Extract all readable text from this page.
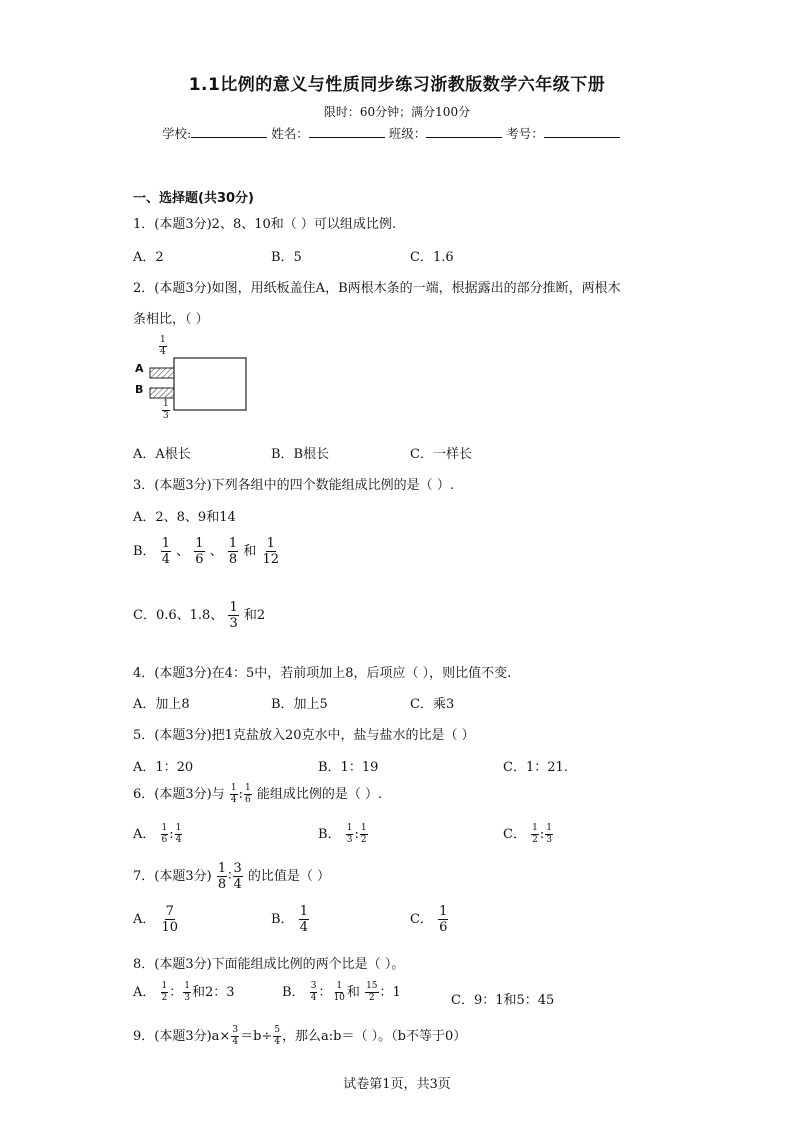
1.1比例的意义与性质同步练习浙教版数学六年级下册
限时：60分钟；满分100分
学校:	姓名：	班级：	考号：
一、选择题(共30分)
1．(本题3分)2、8、10和（ ）可以组成比例.
A．2	B．5	C．1.6
2．(本题3分)如图，用纸板盖住A，B两根木条的一端，根据露出的部分推断，两根木
条相比，（ ）
$\frac{1}{4}$
A
B
$\frac{1}{3}$
A．A根长	B．B根长	C．一样长
3．(本题3分)下列各组中的四个数能组成比例的是（ ）.
A．2、8、9和14
B． $\frac{1}{4}$ 、 $\frac{1}{6}$ 、 $\frac{1}{8}$ 和 $\frac{1}{12}$
C．0.6、1.8、 $\frac{1}{3}$ 和2
4．(本题3分)在4：5中，若前项加上8，后项应（ ），则比值不变.
A．加上8	B．加上5	C．乘3
5．(本题3分)把1克盐放入20克水中，盐与盐水的比是（ ）
A．1：20	B．1：19	C．1：21.
6．(本题3分)与 $\frac{1}{4}$ : $\frac{1}{6}$ 能组成比例的是（ ）.
A． $\frac{1}{6}$ : $\frac{1}{4}$	B． $\frac{1}{3}$ : $\frac{1}{2}$	C． $\frac{1}{2}$ : $\frac{1}{3}$
7．(本题3分) $\frac{1}{8}$ ∶ $\frac{3}{4}$ 的比值是（ ）
A． $\frac{7}{10}$	B． $\frac{1}{4}$	C． $\frac{1}{6}$
8．(本题3分)下面能组成比例的两个比是（ ）。
A． $\frac{1}{2}$ ： $\frac{1}{3}$ 和2：3	B． $\frac{3}{4}$ ： $\frac{1}{10}$ 和 $\frac{15}{2}$ ：1
C．9：1和5：45
9．(本题3分)$a\times \frac{3}{4} =b\div \frac{5}{4}$ ，那么a:b＝（ ）。（b不等于0）
试卷第1页，共3页
